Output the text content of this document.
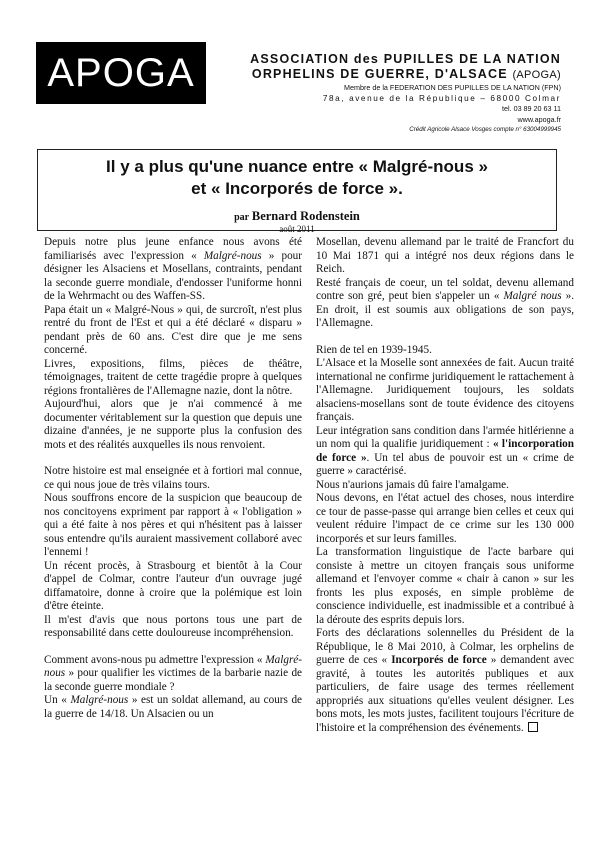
APOGA	ASSOCIATION des PUPILLES DE LA NATION
ORPHELINS DE GUERRE, D'ALSACE (APOGA)
Membre de la FEDERATION DES PUPILLES DE LA NATION (FPN)
78a, avenue de la République – 68000 Colmar
tel. 03 89 20 63 11
www.apoga.fr
Crédit Agricole Alsace Vosges compte n° 63004999945
Il y a plus qu'une nuance entre « Malgré-nous »
et « Incorporés de force ».
par Bernard Rodenstein
août 2011

Depuis notre plus jeune enfance nous avons été familiarisés avec l'expression « Malgré-nous » pour désigner les Alsaciens et Mosellans, contraints, pendant la seconde guerre mondiale, d'endosser l'uniforme honni de la Wehrmacht ou des Waffen-SS.

Papa était un « Malgré-Nous » qui, de surcroît, n'est plus rentré du front de l'Est et qui a été déclaré « disparu » pendant près de 60 ans. C'est dire que je me sens concerné.

Livres, expositions, films, pièces de théâtre, témoignages, traitent de cette tragédie propre à quelques régions frontalières de l'Allemagne nazie, dont la nôtre.

Aujourd'hui, alors que je n'ai commencé à me documenter véritablement sur la question que depuis une dizaine d'années, je ne supporte plus la confusion des mots et des réalités auxquelles ils nous renvoient.

Notre histoire est mal enseignée et à fortiori mal connue, ce qui nous joue de très vilains tours.

Nous souffrons encore de la suspicion que beaucoup de nos concitoyens expriment par rapport à « l'obligation » qui a été faite à nos pères et qui n'hésitent pas à laisser sous entendre qu'ils auraient massivement collaboré avec l'ennemi !

Un récent procès, à Strasbourg et bientôt à la Cour d'appel de Colmar, contre l'auteur d'un ouvrage jugé diffamatoire, donne à croire que la polémique est loin d'être éteinte.

Il m'est d'avis que nous portons tous une part de responsabilité dans cette douloureuse incompréhension.

Comment avons-nous pu admettre l'expression « Malgré-nous » pour qualifier les victimes de la barbarie nazie de la seconde guerre mondiale ?

Un « Malgré-nous » est un soldat allemand, au cours de la guerre de 14/18. Un Alsacien ou un

Mosellan, devenu allemand par le traité de Francfort du 10 Mai 1871 qui a intégré nos deux régions dans le Reich.

Resté français de coeur, un tel soldat, devenu allemand contre son gré, peut bien s'appeler un « Malgré nous ». En droit, il est soumis aux obligations de son pays, l'Allemagne.

Rien de tel en 1939-1945.

L'Alsace et la Moselle sont annexées de fait. Aucun traité international ne confirme juridiquement le rattachement à l'Allemagne. Juridiquement toujours, les soldats alsaciens-mosellans sont de toute évidence des citoyens français.

Leur intégration sans condition dans l'armée hitlérienne a un nom qui la qualifie juridiquement : « l'incorporation de force ». Un tel abus de pouvoir est un « crime de guerre » caractérisé.

Nous n'aurions jamais dû faire l'amalgame.

Nous devons, en l'état actuel des choses, nous interdire ce tour de passe-passe qui arrange bien celles et ceux qui veulent réduire l'impact de ce crime sur les 130 000 incorporés et sur leurs familles.

La transformation linguistique de l'acte barbare qui consiste à mettre un citoyen français sous uniforme allemand et l'envoyer comme « chair à canon » sur les fronts les plus exposés, en simple problème de conscience individuelle, est inadmissible et a contribué à la déroute des esprits depuis lors.

Forts des déclarations solennelles du Président de la République, le 8 Mai 2010, à Colmar, les orphelins de guerre de ces « Incorporés de force » demandent avec gravité, à toutes les autorités publiques et aux particuliers, de faire usage des termes réellement appropriés aux situations qu'elles veulent désigner. Les bons mots, les mots justes, facilitent toujours l'écriture de l'histoire et la compréhension des événements.
